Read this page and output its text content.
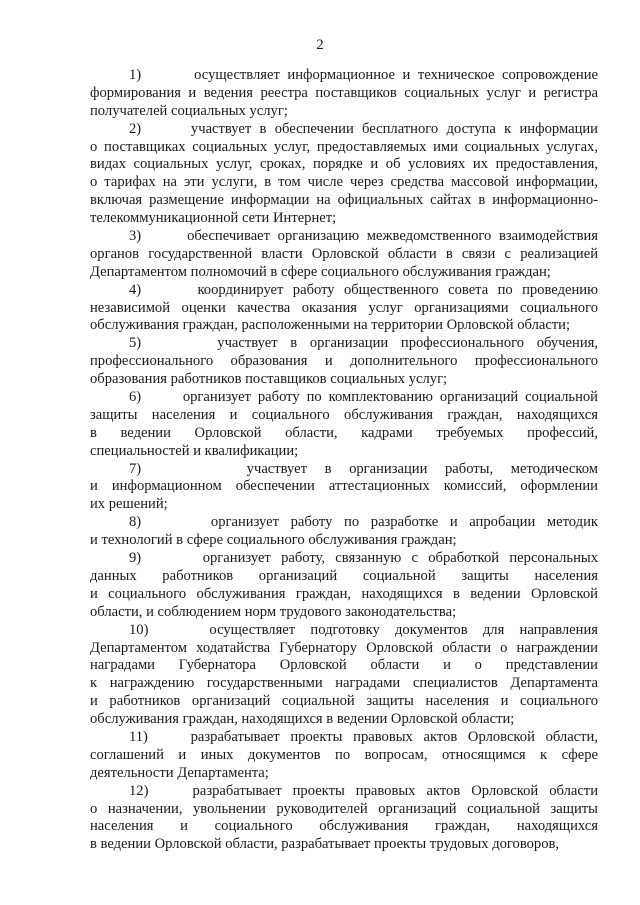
2
1)       осуществляет информационное и техническое сопровождение
формирования и ведения реестра поставщиков социальных услуг и регистра
получателей социальных услуг;
2)      участвует в обеспечении бесплатного доступа к информации
о поставщиках социальных услуг, предоставляемых ими социальных услугах,
видах социальных услуг, сроках, порядке и об условиях их предоставления,
о тарифах на эти услуги, в том числе через средства массовой информации,
включая размещение информации на официальных сайтах в информационно-
телекоммуникационной сети Интернет;
3)      обеспечивает организацию межведомственного взаимодействия
органов государственной власти Орловской области в связи с реализацией
Департаментом полномочий в сфере социального обслуживания граждан;
4)      координирует работу общественного совета по проведению
независимой оценки качества оказания услуг организациями социального
обслуживания граждан, расположенными на территории Орловской области;
5)      участвует в организации профессионального обучения,
профессионального образования и дополнительного профессионального
образования работников поставщиков социальных услуг;
6)      организует работу по комплектованию организаций социальной
защиты населения и социального обслуживания граждан, находящихся
в ведении Орловской области, кадрами требуемых профессий,
специальностей и квалификации;
7)      участвует в организации работы, методическом
и информационном обеспечении аттестационных комиссий, оформлении
их решений;
8)      организует работу по разработке и апробации методик
и технологий в сфере социального обслуживания граждан;
9)      организует работу, связанную с обработкой персональных
данных работников организаций социальной защиты населения
и социального обслуживания граждан, находящихся в ведении Орловской
области, и соблюдением норм трудового законодательства;
10)    осуществляет подготовку документов для направления
Департаментом ходатайства Губернатору Орловской области о награждении
наградами Губернатора Орловской области и о представлении
к награждению государственными наградами специалистов Департамента
и работников организаций социальной защиты населения и социального
обслуживания граждан, находящихся в ведении Орловской области;
11)    разрабатывает проекты правовых актов Орловской области,
соглашений и иных документов по вопросам, относящимся к сфере
деятельности Департамента;
12)    разрабатывает проекты правовых актов Орловской области
о назначении, увольнении руководителей организаций социальной защиты
населения и социального обслуживания граждан, находящихся
в ведении Орловской области, разрабатывает проекты трудовых договоров,
